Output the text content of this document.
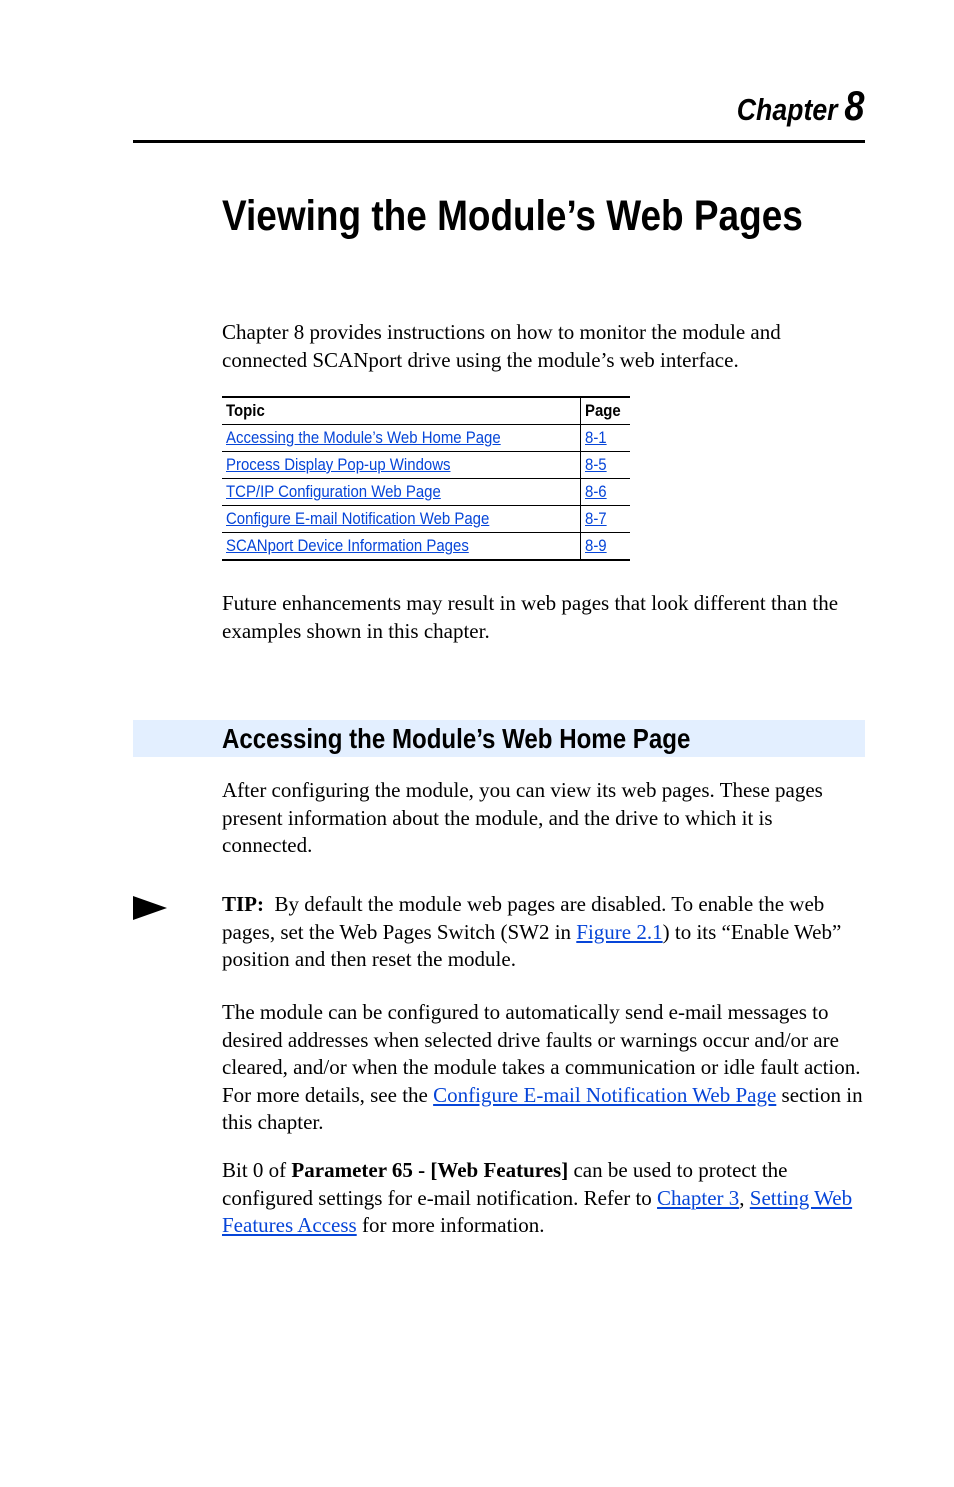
Chapter 8
Viewing the Module’s Web Pages

Chapter 8 provides instructions on how to monitor the module and connected SCANport drive using the module’s web interface.

Topic	Page
Accessing the Module’s Web Home Page	8-1
Process Display Pop-up Windows	8-5
TCP/IP Configuration Web Page	8-6
Configure E-mail Notification Web Page	8-7
SCANport Device Information Pages	8-9

Future enhancements may result in web pages that look different than the examples shown in this chapter.

Accessing the Module’s Web Home Page

After configuring the module, you can view its web pages. These pages present information about the module, and the drive to which it is connected.

TIP: By default the module web pages are disabled. To enable the web pages, set the Web Pages Switch (SW2 in Figure 2.1) to its “Enable Web” position and then reset the module.

The module can be configured to automatically send e-mail messages to desired addresses when selected drive faults or warnings occur and/or are cleared, and/or when the module takes a communication or idle fault action. For more details, see the Configure E-mail Notification Web Page section in this chapter.

Bit 0 of Parameter 65 - [Web Features] can be used to protect the configured settings for e-mail notification. Refer to Chapter 3, Setting Web Features Access for more information.
